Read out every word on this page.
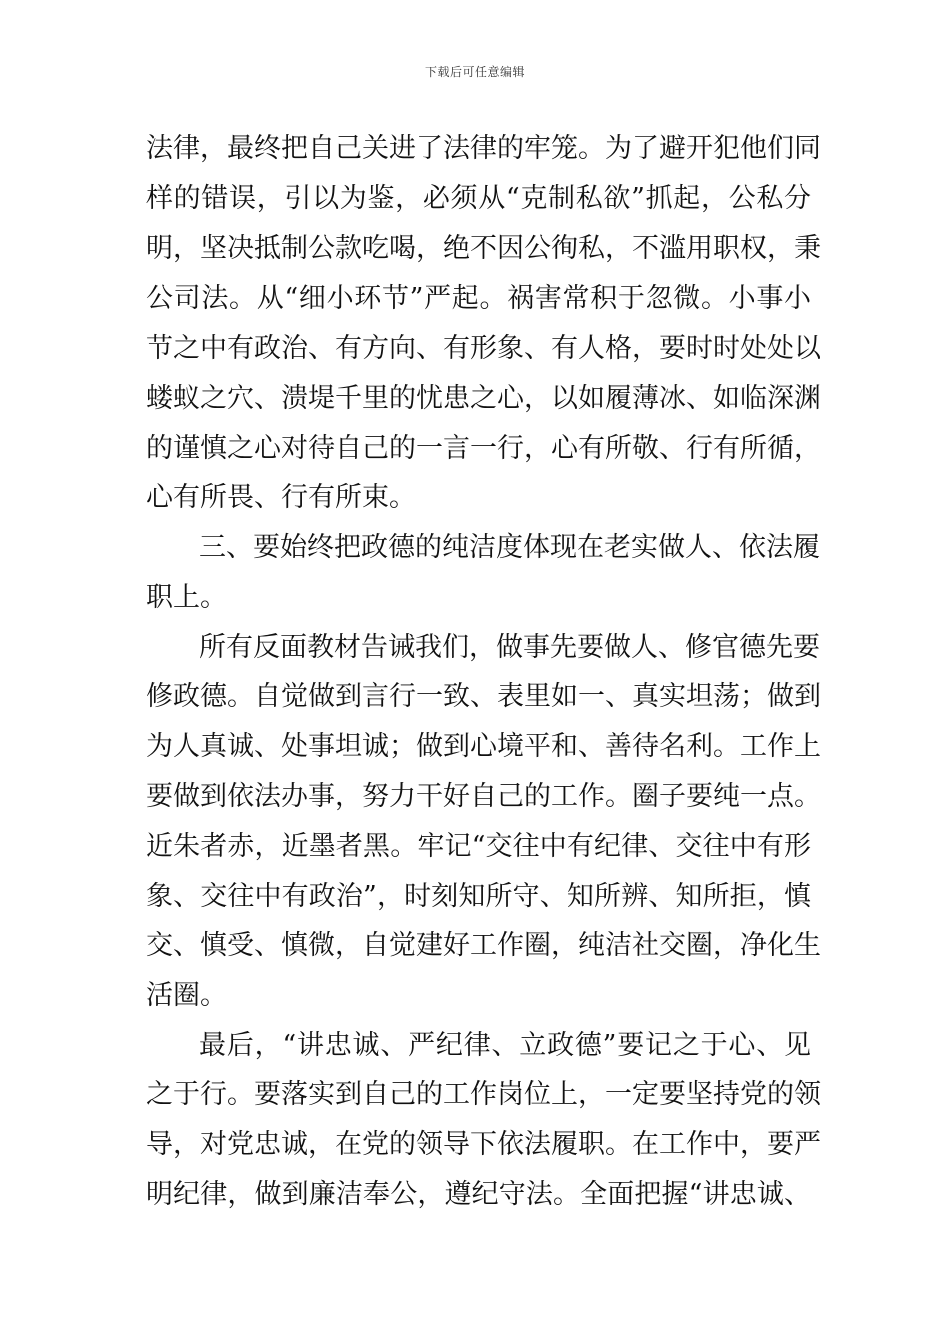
下载后可任意编辑
法律，最终把自己关进了法律的牢笼。为了避开犯他们同
样的错误，引以为鉴，必须从“克制私欲”抓起，公私分
明，坚决抵制公款吃喝，绝不因公徇私，不滥用职权，秉
公司法。从“细小环节”严起。祸害常积于忽微。小事小
节之中有政治、有方向、有形象、有人格，要时时处处以
蝼蚁之穴、溃堤千里的忧患之心，以如履薄冰、如临深渊
的谨慎之心对待自己的一言一行，心有所敬、行有所循，
心有所畏、行有所束。
三、要始终把政德的纯洁度体现在老实做人、依法履
职上。
所有反面教材告诫我们，做事先要做人、修官德先要
修政德。自觉做到言行一致、表里如一、真实坦荡；做到
为人真诚、处事坦诚；做到心境平和、善待名利。工作上
要做到依法办事，努力干好自己的工作。圈子要纯一点。
近朱者赤，近墨者黑。牢记“交往中有纪律、交往中有形
象、交往中有政治”，时刻知所守、知所辨、知所拒，慎
交、慎受、慎微，自觉建好工作圈，纯洁社交圈，净化生
活圈。
最后，“讲忠诚、严纪律、立政德”要记之于心、见
之于行。要落实到自己的工作岗位上，一定要坚持党的领
导，对党忠诚，在党的领导下依法履职。在工作中，要严
明纪律，做到廉洁奉公，遵纪守法。全面把握“讲忠诚、
